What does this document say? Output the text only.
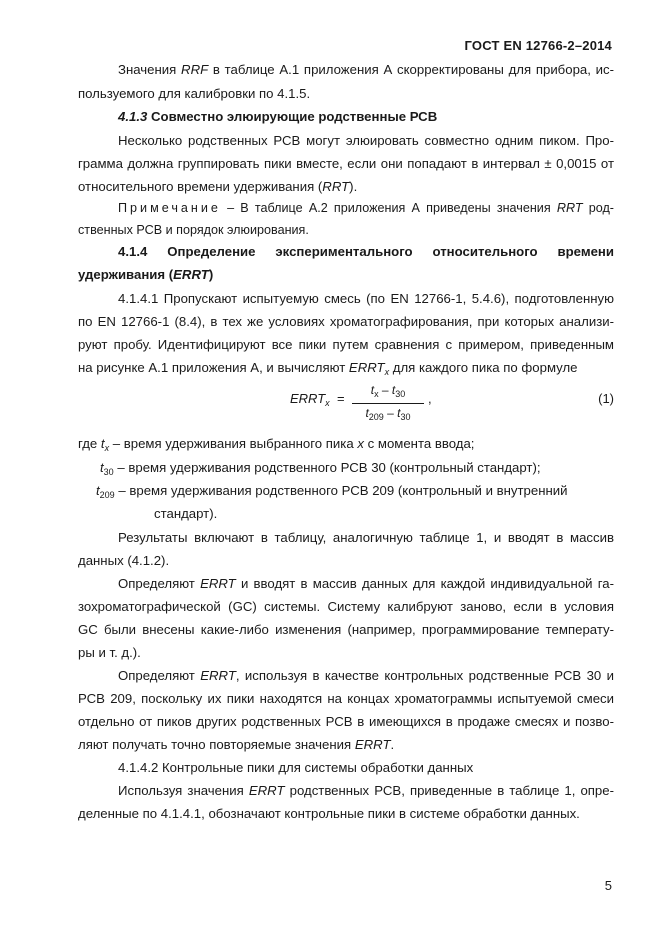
ГОСТ EN 12766-2–2014
Значения RRF в таблице А.1 приложения А скорректированы для прибора, ис-
пользуемого для калибровки по 4.1.5.
4.1.3 Совместно элюирующие родственные РСВ
Несколько родственных РСВ могут элюировать совместно одним пиком. Про-
грамма должна группировать пики вместе, если они попадают в интервал ± 0,0015 от
относительного времени удерживания (RRT).
Примечание – В таблице А.2 приложения А приведены значения RRT род-
ственных РСВ и порядок элюирования.
4.1.4 Определение экспериментального относительного времени
удерживания (ERRT)
4.1.4.1 Пропускают испытуемую смесь (по EN 12766-1, 5.4.6), подготовленную
по EN 12766-1 (8.4), в тех же условиях хроматографирования, при которых анализи-
руют пробу. Идентифицируют все пики путем сравнения с примером, приведенным
на рисунке А.1 приложения А, и вычисляют $ERRT_x$ для каждого пика по формуле
$ERRT_x$ =
$t_x - t_{30}$
$t_{209} - t_{30}$
,	(1)
где $t_x$ – время удерживания выбранного пика x с момента ввода;
$t_{30}$ – время удерживания родственного РСВ 30 (контрольный стандарт);
$t_{209}$ – время удерживания родственного РСВ 209 (контрольный и внутренний
стандарт).
Результаты включают в таблицу, аналогичную таблице 1, и вводят в массив
данных (4.1.2).
Определяют ERRT и вводят в массив данных для каждой индивидуальной га-
зохроматографической (GC) системы. Систему калибруют заново, если в условия
GC были внесены какие-либо изменения (например, программирование температу-
ры и т. д.).
Определяют ERRT, используя в качестве контрольных родственные РСВ 30 и
РСВ 209, поскольку их пики находятся на концах хроматограммы испытуемой смеси
отдельно от пиков других родственных РСВ в имеющихся в продаже смесях и позво-
ляют получать точно повторяемые значения ERRT.
4.1.4.2 Контрольные пики для системы обработки данных
Используя значения ERRT родственных РСВ, приведенные в таблице 1, опре-
деленные по 4.1.4.1, обозначают контрольные пики в системе обработки данных.
5
